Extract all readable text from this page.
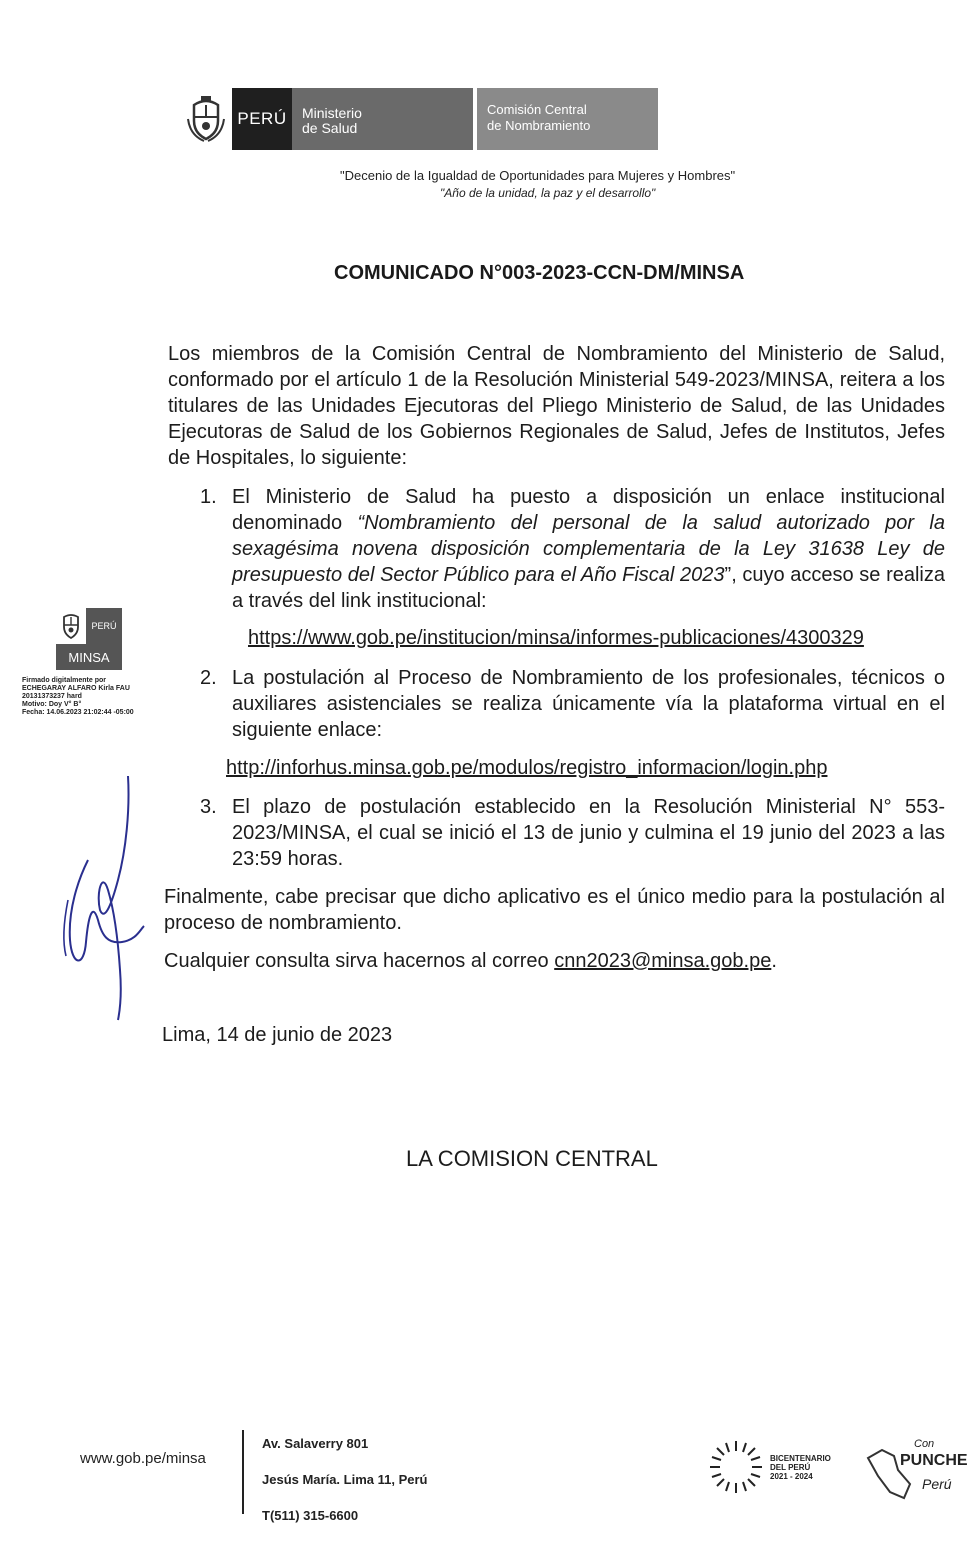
PERÚ	Ministerio
de Salud
Comisión Central
de Nombramiento
"Decenio de la Igualdad de Oportunidades para Mujeres y Hombres"
"Año de la unidad, la paz y el desarrollo"
COMUNICADO N°003-2023-CCN-DM/MINSA
Los miembros de la Comisión Central de Nombramiento del Ministerio de Salud, conformado por el artículo 1 de la Resolución Ministerial 549-2023/MINSA, reitera a los titulares de las Unidades Ejecutoras del Pliego Ministerio de Salud, de las Unidades Ejecutoras de Salud de los Gobiernos Regionales de Salud, Jefes de Institutos, Jefes de Hospitales, lo siguiente:
1. El Ministerio de Salud ha puesto a disposición un enlace institucional denominado “Nombramiento del personal de la salud autorizado por la sexagésima novena disposición complementaria de la Ley 31638 Ley de presupuesto del Sector Público para el Año Fiscal 2023”, cuyo acceso se realiza a través del link institucional:
https://www.gob.pe/institucion/minsa/informes-publicaciones/4300329
2. La postulación al Proceso de Nombramiento de los profesionales, técnicos o auxiliares asistenciales se realiza únicamente vía la plataforma virtual en el siguiente enlace:
http://inforhus.minsa.gob.pe/modulos/registro_informacion/login.php
3. El plazo de postulación establecido en la Resolución Ministerial N° 553-2023/MINSA, el cual se inició el 13 de junio y culmina el 19 junio del 2023 a las 23:59 horas.
Finalmente, cabe precisar que dicho aplicativo es el único medio para la postulación al proceso de nombramiento.
Cualquier consulta sirva hacernos al correo cnn2023@minsa.gob.pe.
Lima, 14 de junio de 2023
LA COMISION CENTRAL
PERÚ
MINSA
Firmado digitalmente por
ECHEGARAY ALFARO Kirla FAU
20131373237 hard
Motivo: Doy V° B°
Fecha: 14.06.2023 21:02:44 -05:00
www.gob.pe/minsa
Av. Salaverry 801
Jesús María. Lima 11, Perú
T(511) 315-6600
BICENTENARIO
DEL PERÚ
2021 - 2024
Con
PUNCHE
Perú
